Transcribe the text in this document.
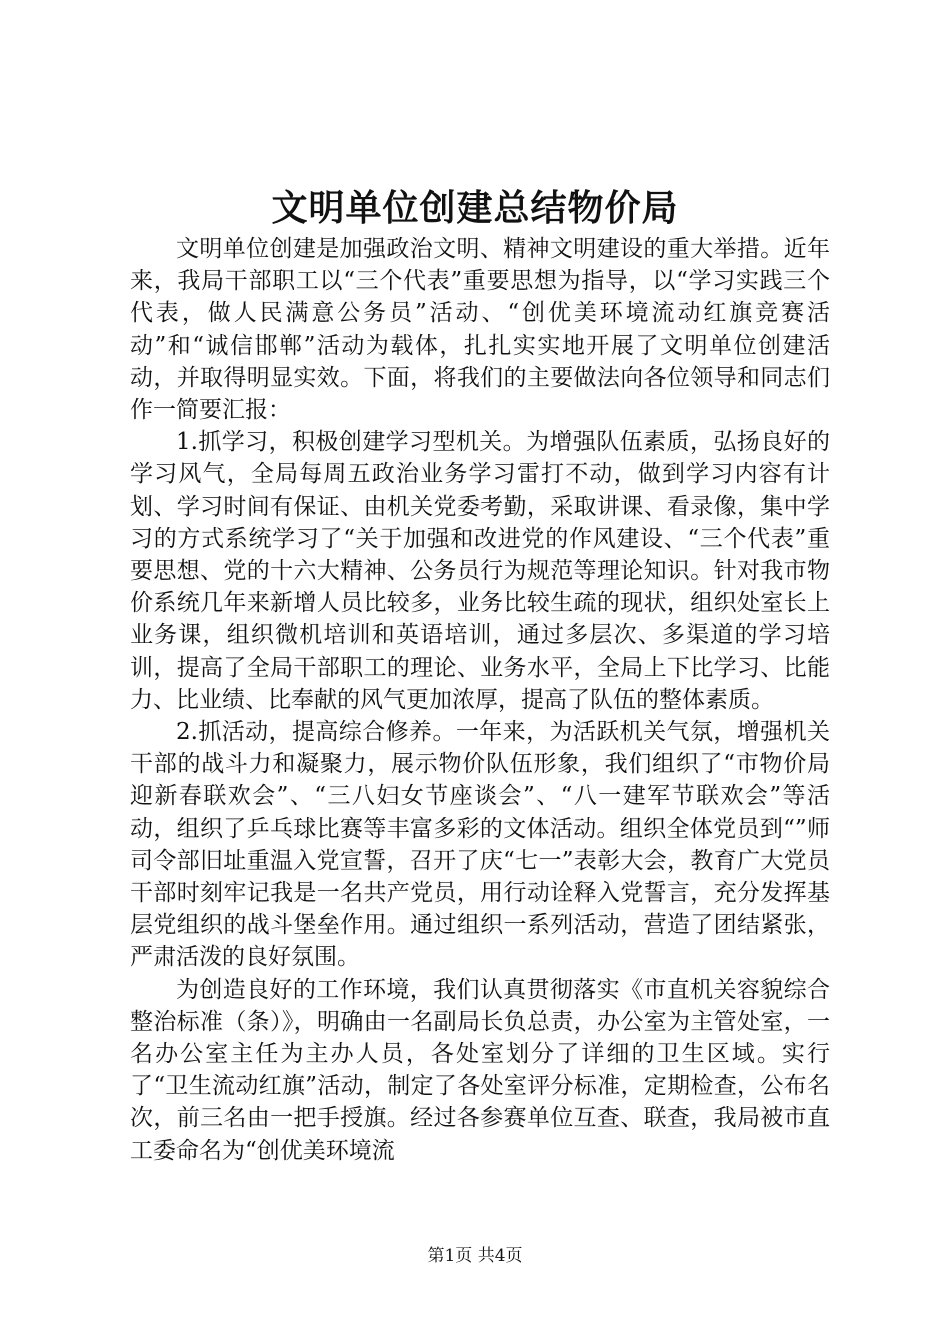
文明单位创建总结物价局

文明单位创建是加强政治文明、精神文明建设的重大举措。近年来，我局干部职工以“三个代表”重要思想为指导，以“学习实践三个代表，做人民满意公务员”活动、“创优美环境流动红旗竞赛活动”和“诚信邯郸”活动为载体，扎扎实实地开展了文明单位创建活动，并取得明显实效。下面，将我们的主要做法向各位领导和同志们作一简要汇报：

1.抓学习，积极创建学习型机关。为增强队伍素质，弘扬良好的学习风气，全局每周五政治业务学习雷打不动，做到学习内容有计划、学习时间有保证、由机关党委考勤，采取讲课、看录像，集中学习的方式系统学习了“关于加强和改进党的作风建设、“三个代表”重要思想、党的十六大精神、公务员行为规范等理论知识。针对我市物价系统几年来新增人员比较多，业务比较生疏的现状，组织处室长上业务课，组织微机培训和英语培训，通过多层次、多渠道的学习培训，提高了全局干部职工的理论、业务水平，全局上下比学习、比能力、比业绩、比奉献的风气更加浓厚，提高了队伍的整体素质。

2.抓活动，提高综合修养。一年来，为活跃机关气氛，增强机关干部的战斗力和凝聚力，展示物价队伍形象，我们组织了“市物价局迎新春联欢会”、“三八妇女节座谈会”、“八一建军节联欢会”等活动，组织了乒乓球比赛等丰富多彩的文体活动。组织全体党员到“”师司令部旧址重温入党宣誓，召开了庆“七一”表彰大会，教育广大党员干部时刻牢记我是一名共产党员，用行动诠释入党誓言，充分发挥基层党组织的战斗堡垒作用。通过组织一系列活动，营造了团结紧张，严肃活泼的良好氛围。

为创造良好的工作环境，我们认真贯彻落实《市直机关容貌综合整治标准（条）》，明确由一名副局长负总责，办公室为主管处室，一名办公室主任为主办人员，各处室划分了详细的卫生区域。实行了“卫生流动红旗”活动，制定了各处室评分标准，定期检查，公布名次，前三名由一把手授旗。经过各参赛单位互查、联查，我局被市直工委命名为“创优美环境流

第1页 共4页
